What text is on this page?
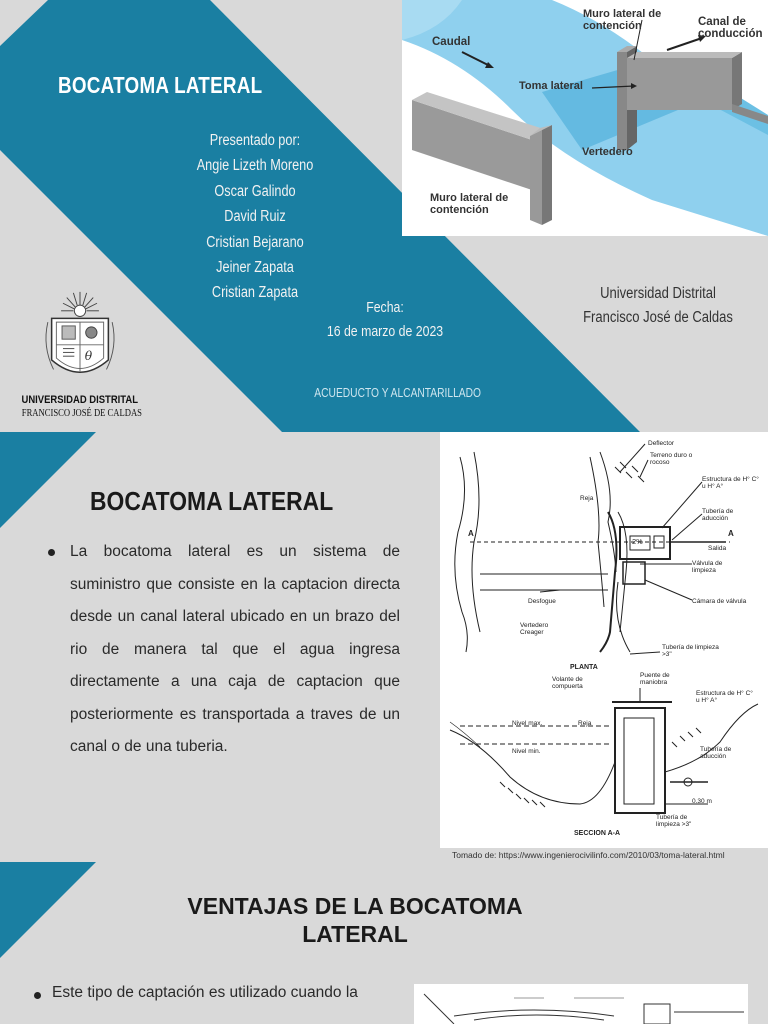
BOCATOMA LATERAL
Presentado por:
Angie Lizeth Moreno
Oscar Galindo
David Ruiz
Cristian Bejarano
Jeiner Zapata
Cristian Zapata
Fecha:
16 de marzo de 2023
ACUEDUCTO Y ALCANTARILLADO
Universidad Distrital
Francisco José de Caldas
θ
UNIVERSIDAD DISTRITAL
FRANCISCO JOSÉ DE CALDAS
Caudal
Muro lateral de contención	Canal de conducción
Toma lateral
Vertedero
Muro lateral de contención
BOCATOMA LATERAL

La bocatoma lateral es un sistema de suministro que consiste en la captacion directa desde un canal lateral ubicado en un brazo del rio de manera tal que el agua ingresa directamente a una caja de captacion que posteriormente es transportada a traves de un canal o de una tuberia.

Deflector
Terreno duro o rocoso
Reja
Estructura de H° C° u H° A°
Tubería de aducción
2%
Salida
Válvula de limpieza
Desfogue	Cámara de válvula
Vertedero Creager
Tubería de limpieza >3"
PLANTA
A	A
Volante de compuerta
Puente de maniobra
Estructura de H° C° u H° A°
Nivel max.	Reja
Nivel min.	Tubería de aducción
0.30 m
Tubería de limpieza >3"
SECCION A-A
Tomado de: https://www.ingenierocivilinfo.com/2010/03/toma-lateral.html
VENTAJAS DE LA BOCATOMA LATERAL

Este tipo de captación es utilizado cuando la
